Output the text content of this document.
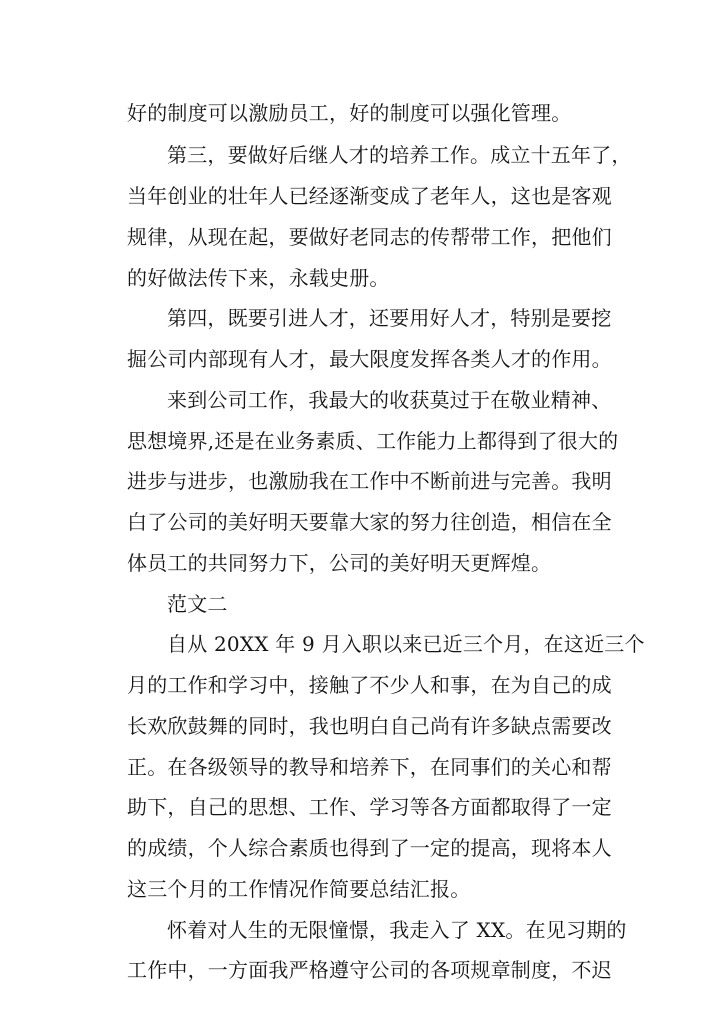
好的制度可以激励员工，好的制度可以强化管理。

第三，要做好后继人才的培养工作。成立十五年了，

当年创业的壮年人已经逐渐变成了老年人，这也是客观

规律，从现在起，要做好老同志的传帮带工作，把他们

的好做法传下来，永载史册。

第四，既要引进人才，还要用好人才，特别是要挖

掘公司内部现有人才，最大限度发挥各类人才的作用。

来到公司工作，我最大的收获莫过于在敬业精神、

思想境界,还是在业务素质、工作能力上都得到了很大的

进步与进步，也激励我在工作中不断前进与完善。我明

白了公司的美好明天要靠大家的努力往创造，相信在全

体员工的共同努力下，公司的美好明天更辉煌。

范文二

自从 20XX 年 9 月入职以来已近三个月，在这近三个

月的工作和学习中，接触了不少人和事，在为自己的成

长欢欣鼓舞的同时，我也明白自己尚有许多缺点需要改

正。在各级领导的教导和培养下，在同事们的关心和帮

助下，自己的思想、工作、学习等各方面都取得了一定

的成绩，个人综合素质也得到了一定的提高，现将本人

这三个月的工作情况作简要总结汇报。

怀着对人生的无限憧憬，我走入了 XX。在见习期的

工作中，一方面我严格遵守公司的各项规章制度，不迟
